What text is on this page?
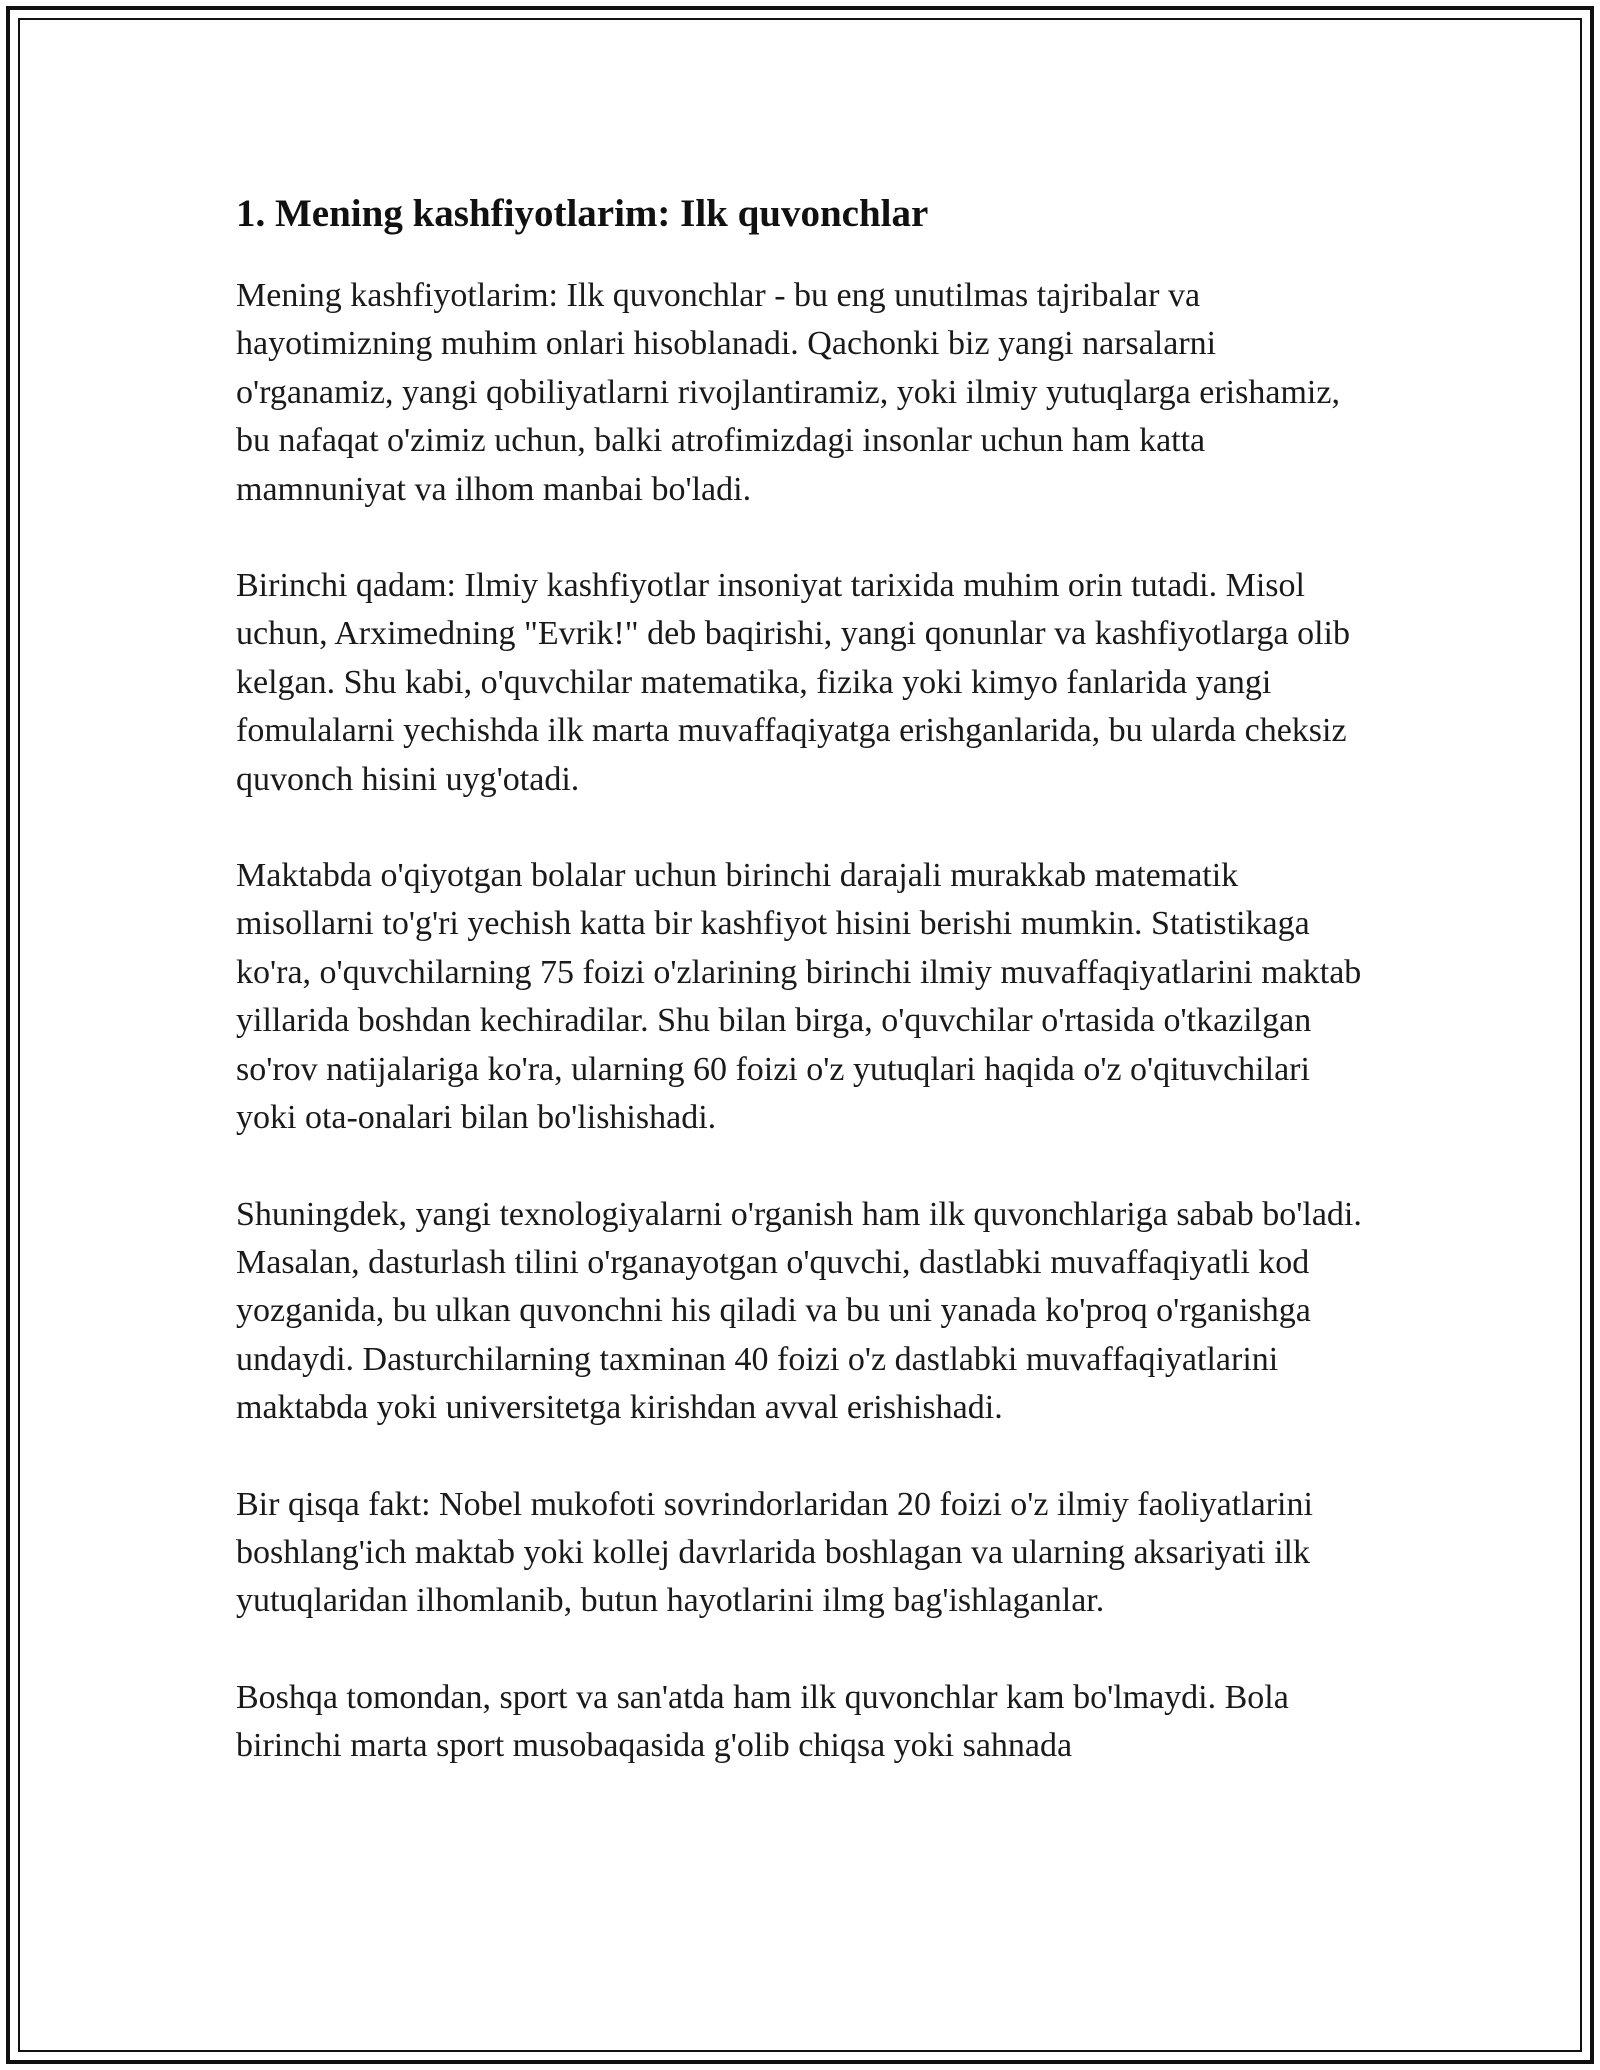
1. Mening kashfiyotlarim: Ilk quvonchlar

Mening kashfiyotlarim: Ilk quvonchlar - bu eng unutilmas tajribalar va hayotimizning muhim onlari hisoblanadi. Qachonki biz yangi narsalarni o'rganamiz, yangi qobiliyatlarni rivojlantiramiz, yoki ilmiy yutuqlarga erishamiz, bu nafaqat o'zimiz uchun, balki atrofimizdagi insonlar uchun ham katta mamnuniyat va ilhom manbai bo'ladi.

Birinchi qadam: Ilmiy kashfiyotlar insoniyat tarixida muhim orin tutadi. Misol uchun, Arximedning "Evrik!" deb baqirishi, yangi qonunlar va kashfiyotlarga olib kelgan. Shu kabi, o'quvchilar matematika, fizika yoki kimyo fanlarida yangi fomulalarni yechishda ilk marta muvaffaqiyatga erishganlarida, bu ularda cheksiz quvonch hisini uyg'otadi.

Maktabda o'qiyotgan bolalar uchun birinchi darajali murakkab matematik misollarni to'g'ri yechish katta bir kashfiyot hisini berishi mumkin. Statistikaga ko'ra, o'quvchilarning 75 foizi o'zlarining birinchi ilmiy muvaffaqiyatlarini maktab yillarida boshdan kechiradilar. Shu bilan birga, o'quvchilar o'rtasida o'tkazilgan so'rov natijalariga ko'ra, ularning 60 foizi o'z yutuqlari haqida o'z o'qituvchilari yoki ota-onalari bilan bo'lishishadi.

Shuningdek, yangi texnologiyalarni o'rganish ham ilk quvonchlariga sabab bo'ladi. Masalan, dasturlash tilini o'rganayotgan o'quvchi, dastlabki muvaffaqiyatli kod yozganida, bu ulkan quvonchni his qiladi va bu uni yanada ko'proq o'rganishga undaydi. Dasturchilarning taxminan 40 foizi o'z dastlabki muvaffaqiyatlarini maktabda yoki universitetga kirishdan avval erishishadi.

Bir qisqa fakt: Nobel mukofoti sovrindorlaridan 20 foizi o'z ilmiy faoliyatlarini boshlang'ich maktab yoki kollej davrlarida boshlagan va ularning aksariyati ilk yutuqlaridan ilhomlanib, butun hayotlarini ilmg bag'ishlaganlar.

Boshqa tomondan, sport va san'atda ham ilk quvonchlar kam bo'lmaydi. Bola birinchi marta sport musobaqasida g'olib chiqsa yoki sahnada
